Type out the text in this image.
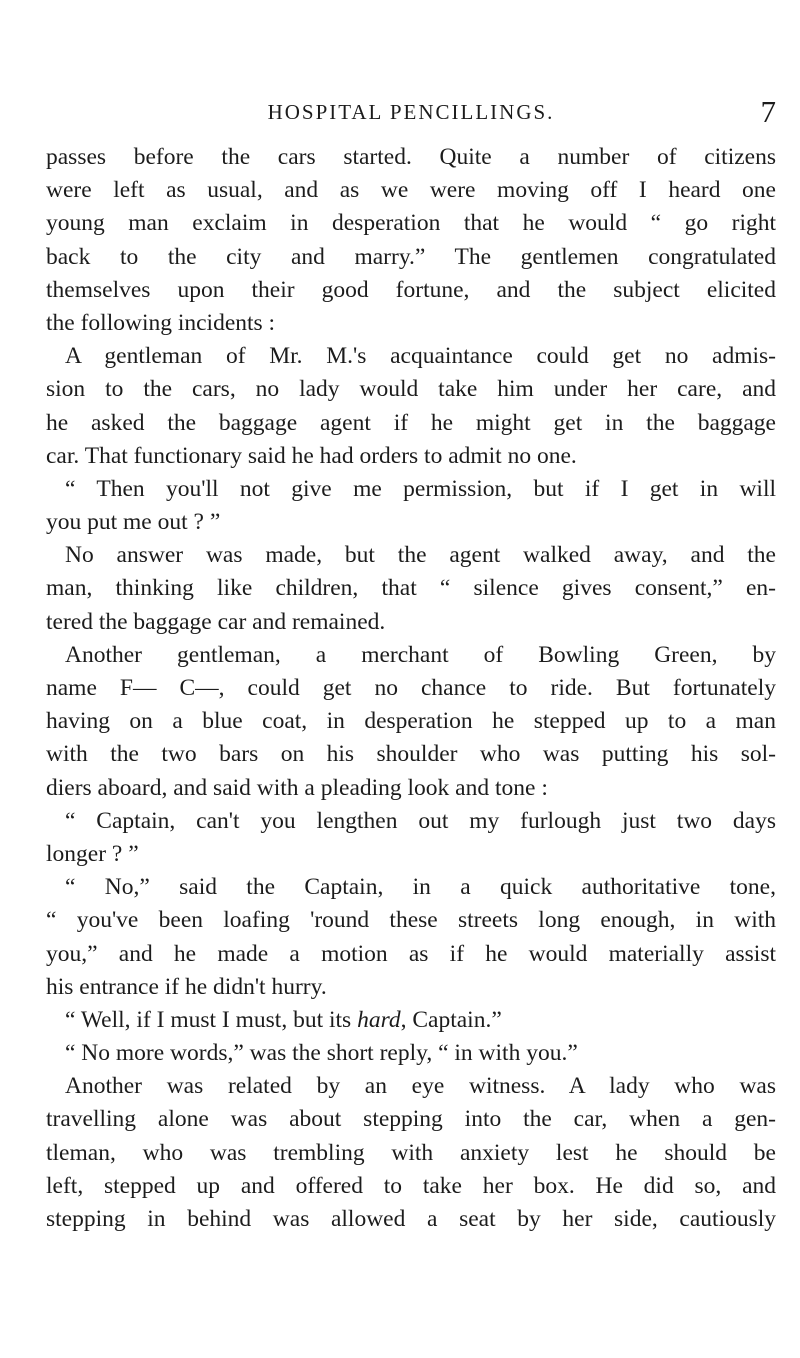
HOSPITAL PENCILLINGS.	7
passes before the cars started. Quite a number of citizens
were left as usual, and as we were moving off I heard one
young man exclaim in desperation that he would “ go right
back to the city and marry.” The gentlemen congratulated
themselves upon their good fortune, and the subject elicited
the following incidents :
A gentleman of Mr. M.'s acquaintance could get no admis-
sion to the cars, no lady would take him under her care, and
he asked the baggage agent if he might get in the baggage
car. That functionary said he had orders to admit no one.
“ Then you'll not give me permission, but if I get in will
you put me out ? ”
No answer was made, but the agent walked away, and the
man, thinking like children, that “ silence gives consent,” en-
tered the baggage car and remained.
Another gentleman, a merchant of Bowling Green, by
name F— C—, could get no chance to ride. But fortunately
having on a blue coat, in desperation he stepped up to a man
with the two bars on his shoulder who was putting his sol-
diers aboard, and said with a pleading look and tone :
“ Captain, can't you lengthen out my furlough just two days
longer ? ”
“ No,” said the Captain, in a quick authoritative tone,
“ you've been loafing 'round these streets long enough, in with
you,” and he made a motion as if he would materially assist
his entrance if he didn't hurry.
“ Well, if I must I must, but its hard, Captain.”
“ No more words,” was the short reply, “ in with you.”
Another was related by an eye witness. A lady who was
travelling alone was about stepping into the car, when a gen-
tleman, who was trembling with anxiety lest he should be
left, stepped up and offered to take her box. He did so, and
stepping in behind was allowed a seat by her side, cautiously
